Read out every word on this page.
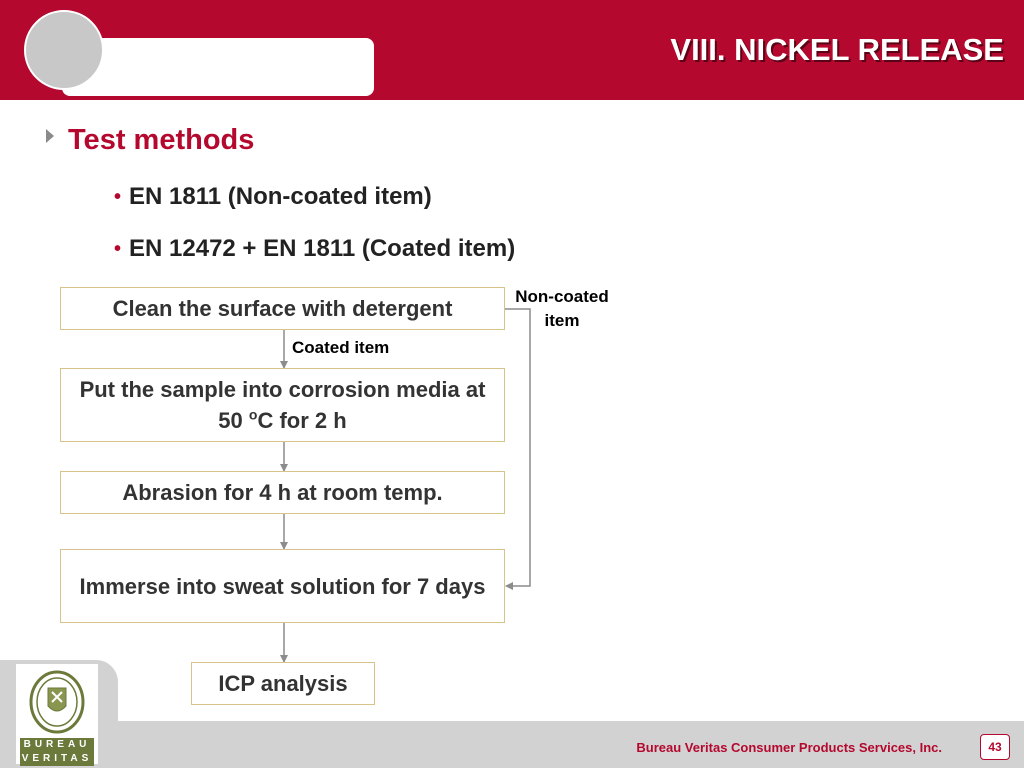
VIII. NICKEL RELEASE
Test methods
• EN 1811 (Non-coated item)
• EN 12472 + EN 1811 (Coated item)
Clean the surface with detergent
Put the sample into corrosion media at 50 $^o$C for 2 h
Abrasion for 4 h at room temp.
Immerse into sweat solution for 7 days
ICP analysis
Coated item
Non-coated
item
BUREAU
VERITAS
Bureau Veritas Consumer Products Services, Inc.	43
